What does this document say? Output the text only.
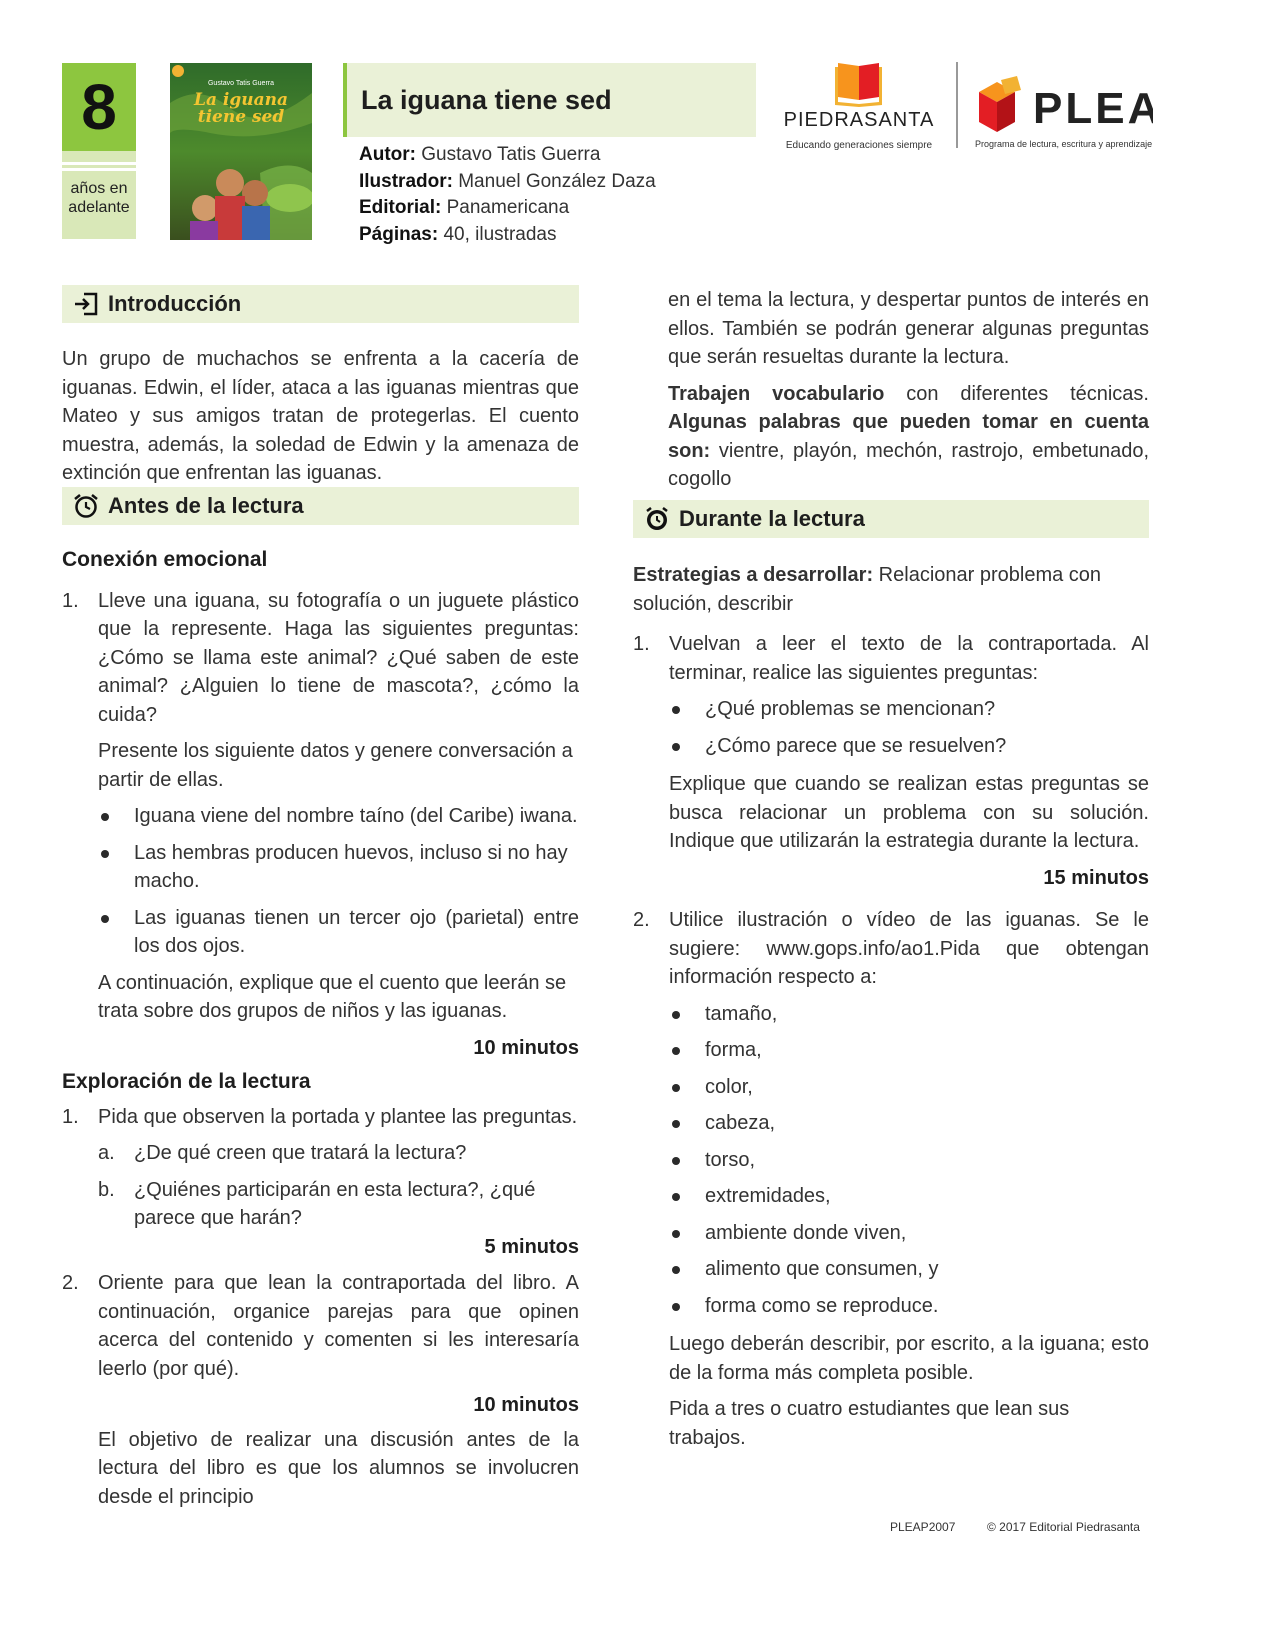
8
años en
adelante
Gustavo Tatis Guerra
La iguana
tiene sed
La iguana tiene sed
Autor: Gustavo Tatis Guerra
Ilustrador: Manuel González Daza
Editorial: Panamericana
Páginas: 40, ilustradas
PIEDRASANTA
Educando generaciones siempre
PLEA
Programa de lectura, escritura y aprendizaje
Introducción
Un grupo de muchachos se enfrenta a la cacería de iguanas. Edwin, el líder, ataca a las iguanas mientras que Mateo y sus amigos tratan de protegerlas. El cuento muestra, además, la soledad de Edwin y la amenaza de extinción que enfrentan las iguanas.
Antes de la lectura
Conexión emocional
1. Lleve una iguana, su fotografía o un juguete plástico que la represente. Haga las siguientes preguntas: ¿Cómo se llama este animal? ¿Qué saben de este animal? ¿Alguien lo tiene de mascota?, ¿cómo la cuida?

Presente los siguiente datos y genere conversación a partir de ellas.

Iguana viene del nombre taíno (del Caribe) iwana.
Las hembras producen huevos, incluso si no hay macho.
Las iguanas tienen un tercer ojo (parietal) entre los dos ojos.

A continuación, explique que el cuento que leerán se trata sobre dos grupos de niños y las iguanas.

10 minutos
Exploración de la lectura
1. Pida que observen la portada y plantee las preguntas.

a. ¿De qué creen que tratará la lectura?
b. ¿Quiénes participarán en esta lectura?, ¿qué parece que harán?
5 minutos
2. Oriente para que lean la contraportada del libro. A continuación, organice parejas para que opinen acerca del contenido y comenten si les interesaría leerlo (por qué).

10 minutos

El objetivo de realizar una discusión antes de la lectura del libro es que los alumnos se involucren desde el principio

en el tema la lectura, y despertar puntos de interés en ellos. También se podrán generar algunas preguntas que serán resueltas durante la lectura.

Trabajen vocabulario con diferentes técnicas. Algunas palabras que pueden tomar en cuenta son: vientre, playón, mechón, rastrojo, embetunado, cogollo

Durante la lectura

Estrategias a desarrollar: Relacionar problema con solución, describir

1. Vuelvan a leer el texto de la contraportada. Al terminar, realice las siguientes preguntas:

¿Qué problemas se mencionan?
¿Cómo parece que se resuelven?

Explique que cuando se realizan estas preguntas se busca relacionar un problema con su solución. Indique que utilizarán la estrategia durante la lectura.

15 minutos
2. Utilice ilustración o vídeo de las iguanas. Se le sugiere: www.gops.info/ao1.Pida que obtengan información respecto a:

tamaño,
forma,
color,
cabeza,
torso,
extremidades,
ambiente donde viven,
alimento que consumen, y
forma como se reproduce.

Luego deberán describir, por escrito, a la iguana; esto de la forma más completa posible.

Pida a tres o cuatro estudiantes que lean sus trabajos.

PLEAP2007	© 2017 Editorial Piedrasanta
